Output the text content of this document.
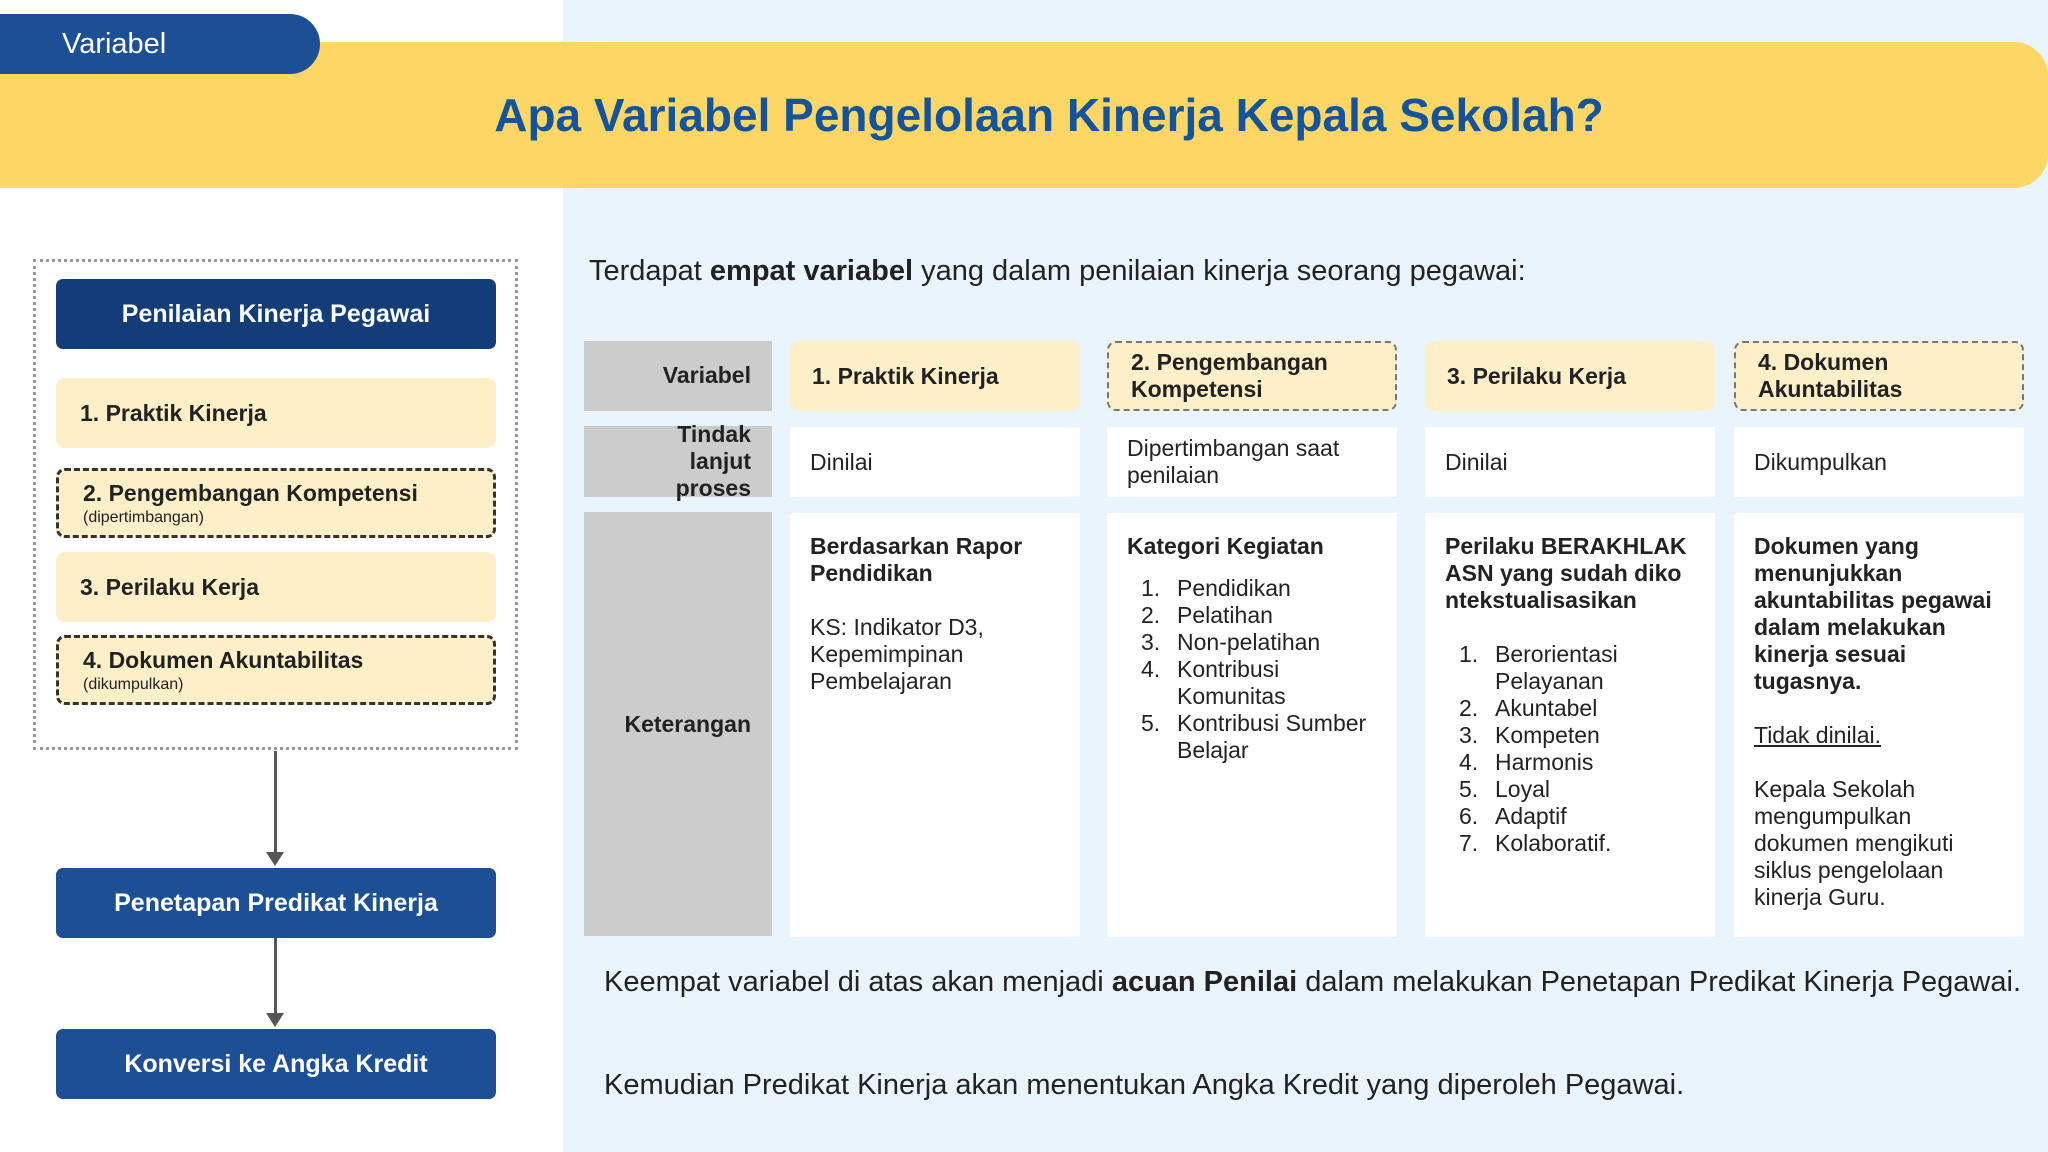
Apa Variabel Pengelolaan Kinerja Kepala Sekolah?
Variabel
Penilaian Kinerja Pegawai
1. Praktik Kinerja
2. Pengembangan Kompetensi
(dipertimbangan)
3. Perilaku Kerja
4. Dokumen Akuntabilitas
(dikumpulkan)
Penetapan Predikat Kinerja
Konversi ke Angka Kredit
Terdapat empat variabel yang dalam penilaian kinerja seorang pegawai:
Variabel
Tindak lanjut proses
Keterangan
1. Praktik Kinerja
2. Pengembangan Kompetensi
3. Perilaku Kerja
4. Dokumen Akuntabilitas
Dinilai
Dipertimbangan saat penilaian
Dinilai	Dikumpulkan
Berdasarkan Rapor Pendidikan
KS: Indikator D3, Kepemimpinan Pembelajaran
Kategori Kegiatan
1. Pendidikan
2. Pelatihan
3. Non-pelatihan
4. Kontribusi Komunitas
5. Kontribusi Sumber Belajar
Perilaku BERAKHLAK ASN yang sudah dikontekstualisasikan
1. Berorientasi Pelayanan
2. Akuntabel
3. Kompeten
4. Harmonis
5. Loyal
6. Adaptif
7. Kolaboratif.
Dokumen yang menunjukkan akuntabilitas pegawai dalam melakukan kinerja sesuai tugasnya.
Tidak dinilai.
Kepala Sekolah mengumpulkan dokumen mengikuti siklus pengelolaan kinerja Guru.
Keempat variabel di atas akan menjadi acuan Penilai dalam melakukan Penetapan Predikat Kinerja Pegawai.
Kemudian Predikat Kinerja akan menentukan Angka Kredit yang diperoleh Pegawai.
